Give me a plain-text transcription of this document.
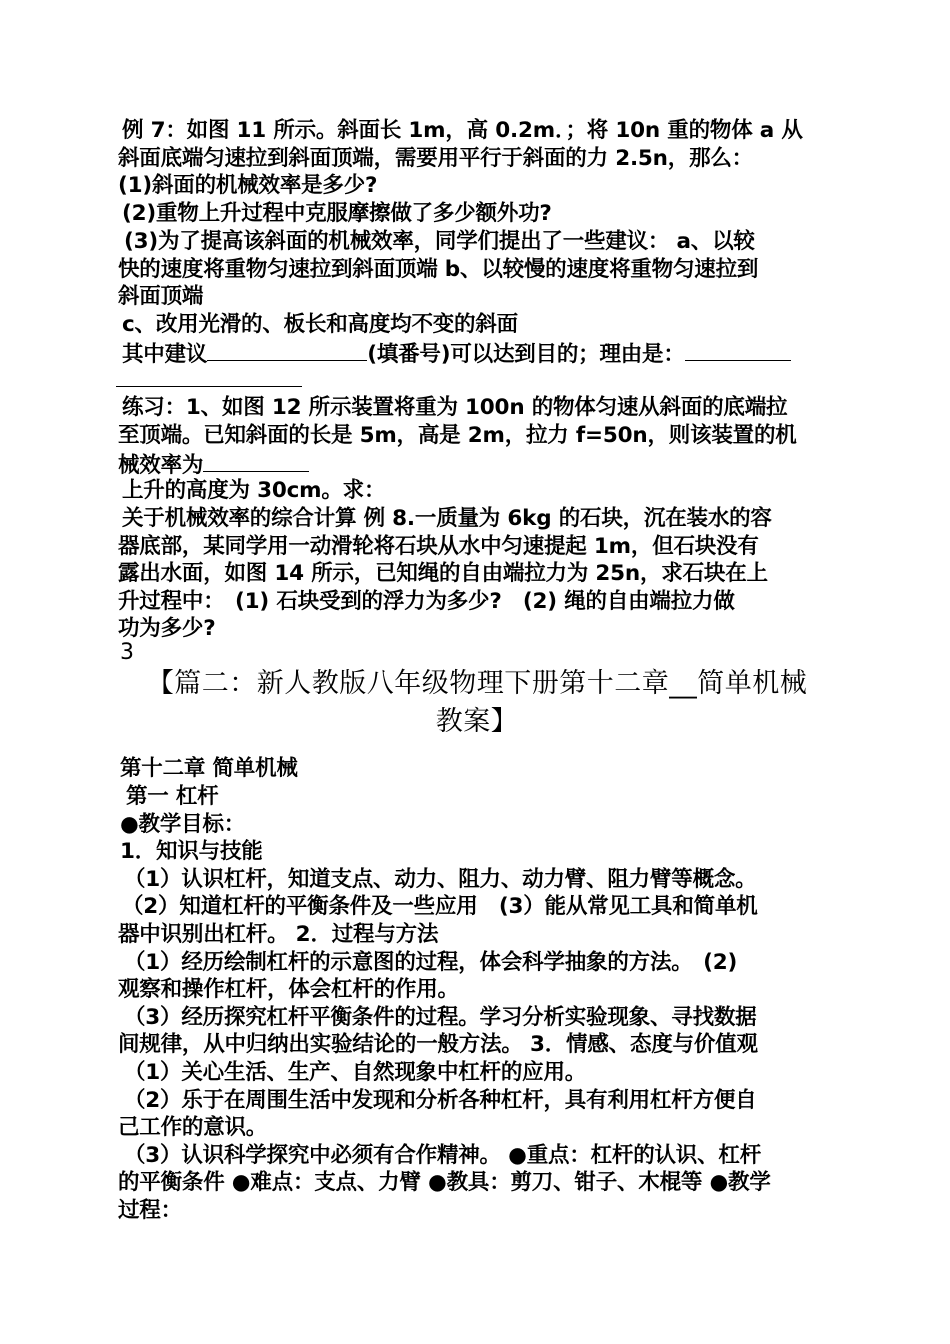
例 7：如图 11 所示。斜面长 1m，高 0.2m．；将 10n 重的物体 a 从
斜面底端匀速拉到斜面顶端，需要用平行于斜面的力 2.5n，那么：
(1)斜面的机械效率是多少?
(2)重物上升过程中克服摩擦做了多少额外功?
(3)为了提高该斜面的机械效率，同学们提出了一些建议： a、以较
快的速度将重物匀速拉到斜面顶端 b、以较慢的速度将重物匀速拉到
斜面顶端
c、改用光滑的、板长和高度均不变的斜面
其中建议	(填番号)可以达到目的；理由是：
练习：1、如图 12 所示装置将重为 100n 的物体匀速从斜面的底端拉
至顶端。已知斜面的长是 5m，高是 2m，拉力 f=50n，则该装置的机
械效率为
上升的高度为 30cm。求：
关于机械效率的综合计算 例 8.一质量为 6kg 的石块，沉在装水的容
器底部，某同学用一动滑轮将石块从水中匀速提起 1m，但石块没有
露出水面，如图 14 所示，已知绳的自由端拉力为 25n，求石块在上
升过程中：　(1) 石块受到的浮力为多少?　(2) 绳的自由端拉力做
功为多少?
3
【篇二：新人教版八年级物理下册第十二章__简单机械
教案】
第十二章 简单机械
第一 杠杆
●教学目标：
1．知识与技能
（1）认识杠杆，知道支点、动力、阻力、动力臂、阻力臂等概念。
（2）知道杠杆的平衡条件及一些应用　(3）能从常见工具和简单机
器中识别出杠杆。 2．过程与方法
（1）经历绘制杠杆的示意图的过程，体会科学抽象的方法。　(2)
观察和操作杠杆，体会杠杆的作用。
（3）经历探究杠杆平衡条件的过程。学习分析实验现象、寻找数据
间规律，从中归纳出实验结论的一般方法。 3．情感、态度与价值观
（1）关心生活、生产、自然现象中杠杆的应用。
（2）乐于在周围生活中发现和分析各种杠杆，具有利用杠杆方便自
己工作的意识。
（3）认识科学探究中必须有合作精神。 ●重点：杠杆的认识、杠杆
的平衡条件 ●难点：支点、力臂 ●教具：剪刀、钳子、木棍等 ●教学
过程：
